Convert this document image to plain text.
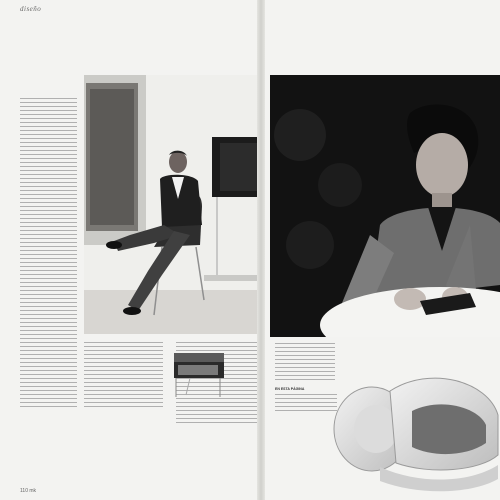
diseño
110 mk
EN ESTA PÁGINA
